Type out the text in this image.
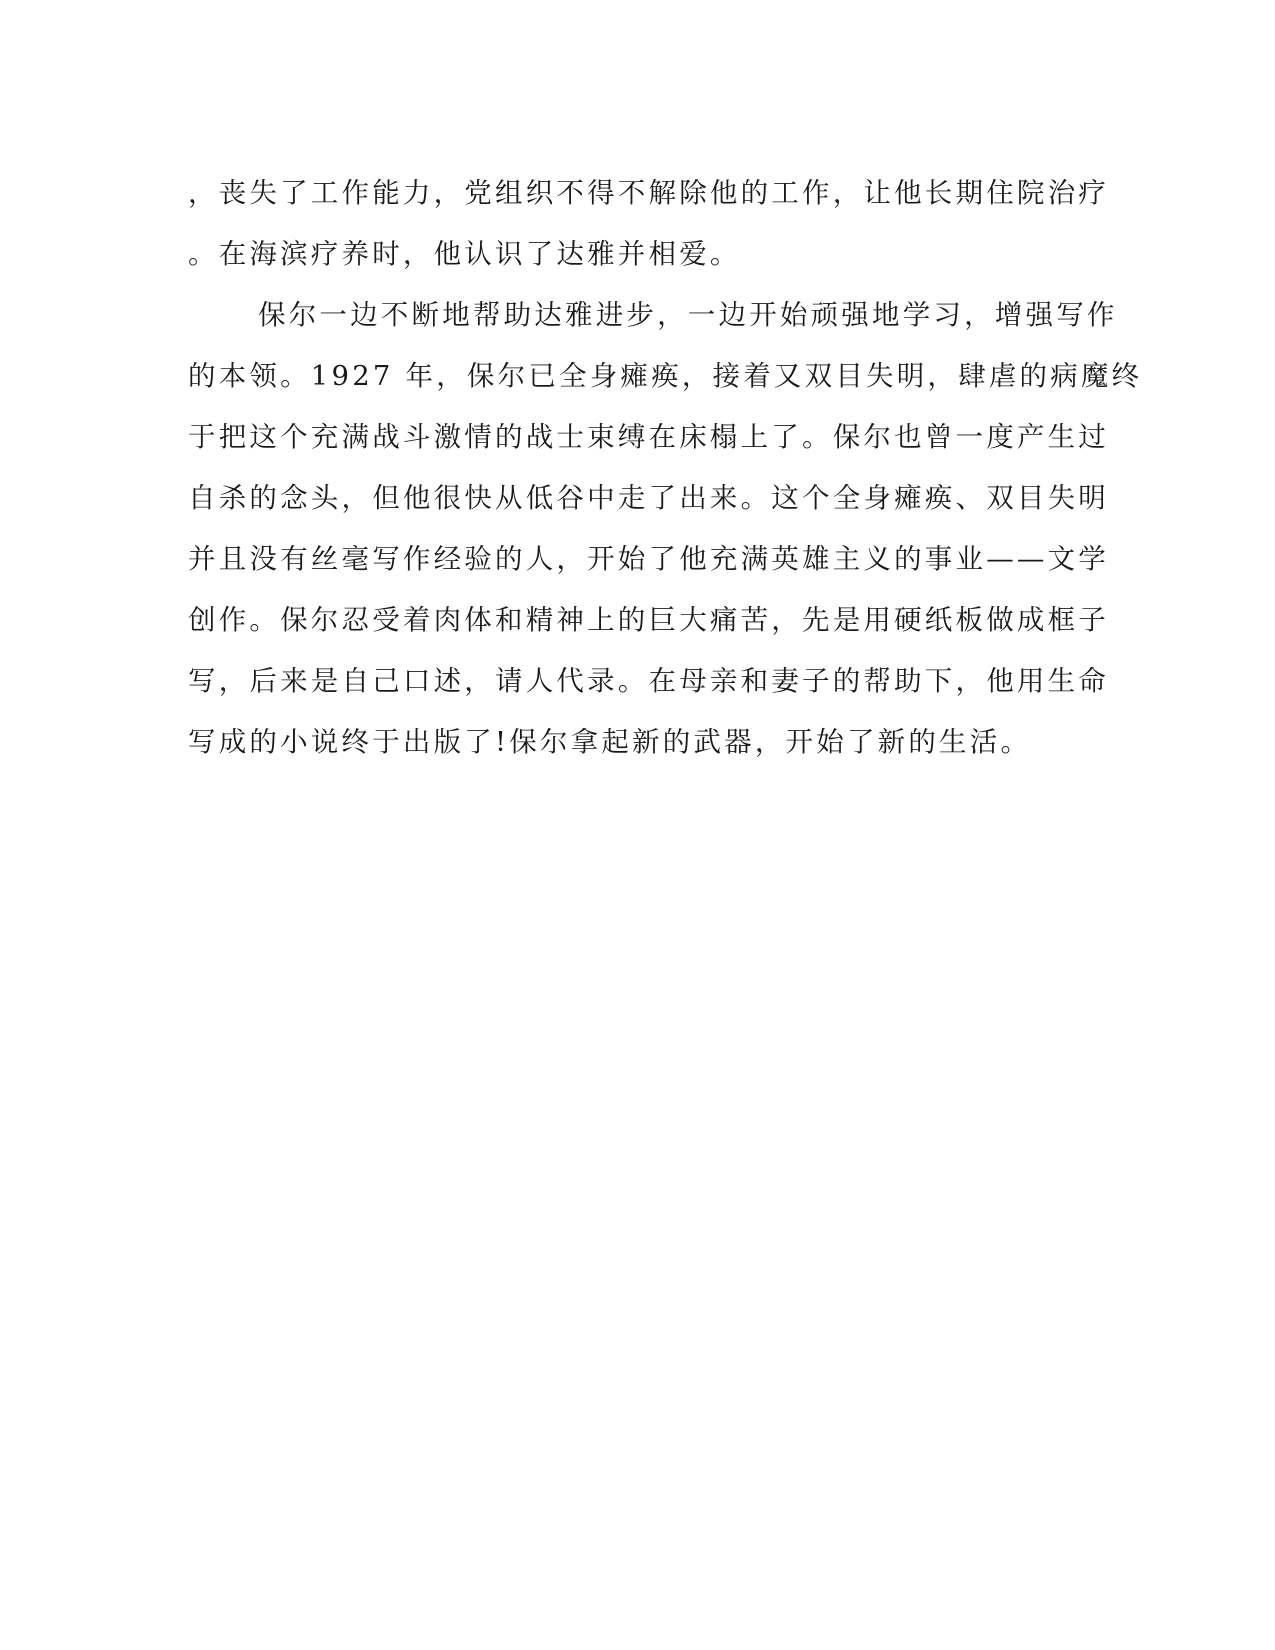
，丧失了工作能力，党组织不得不解除他的工作，让他长期住院治疗
。在海滨疗养时，他认识了达雅并相爱。
保尔一边不断地帮助达雅进步，一边开始顽强地学习，增强写作
的本领。1927 年，保尔已全身瘫痪，接着又双目失明，肆虐的病魔终
于把这个充满战斗激情的战士束缚在床榻上了。保尔也曾一度产生过
自杀的念头，但他很快从低谷中走了出来。这个全身瘫痪、双目失明
并且没有丝毫写作经验的人，开始了他充满英雄主义的事业——文学
创作。保尔忍受着肉体和精神上的巨大痛苦，先是用硬纸板做成框子
写，后来是自己口述，请人代录。在母亲和妻子的帮助下，他用生命
写成的小说终于出版了!保尔拿起新的武器，开始了新的生活。
